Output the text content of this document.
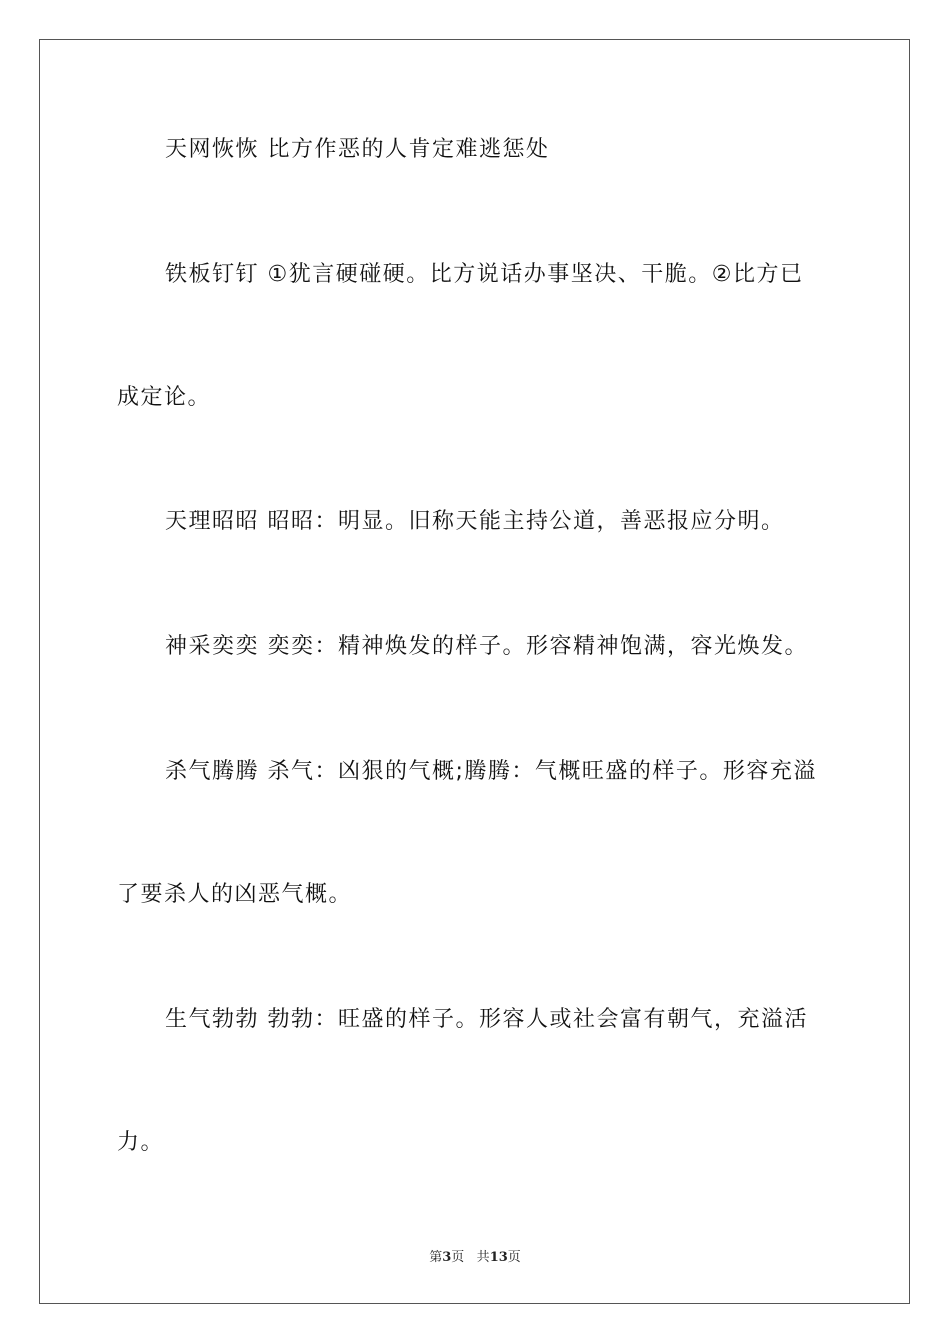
天网恢恢 比方作恶的人肯定难逃惩处
铁板钉钉 ①犹言硬碰硬。比方说话办事坚决、干脆。②比方已
成定论。
天理昭昭 昭昭：明显。旧称天能主持公道，善恶报应分明。
神采奕奕 奕奕：精神焕发的样子。形容精神饱满，容光焕发。
杀气腾腾 杀气：凶狠的气概;腾腾：气概旺盛的样子。形容充溢
了要杀人的凶恶气概。
生气勃勃 勃勃：旺盛的样子。形容人或社会富有朝气，充溢活
力。
第3页 共13页
